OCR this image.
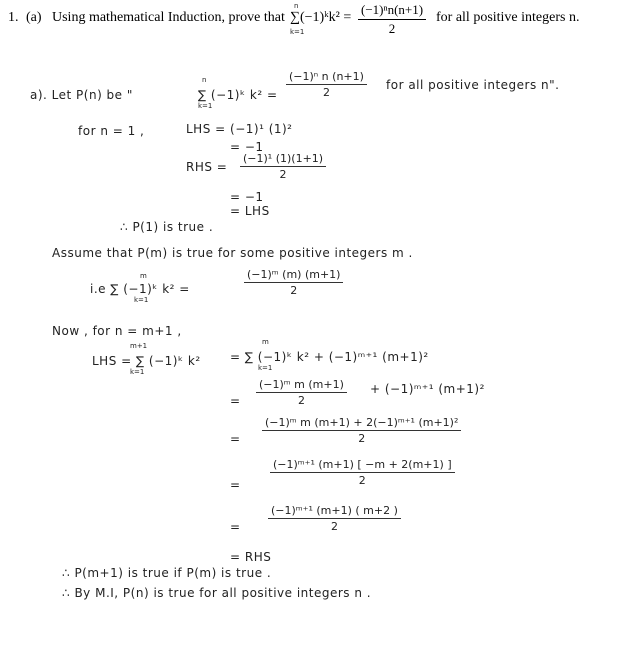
1. (a) Using mathematical Induction, prove that
n
∑(−1)ᵏk² =
k=1	$\frac{\text{(−1)ⁿn(n+1)}}{2}$ for all positive integers n.
a). Let P(n) be "
n
∑ (−1)ᵏ k² =
k=1
$\frac{\text{(−1)ⁿ n (n+1)}}{2}$ for all positive integers n".
for n = 1 ,	LHS = (−1)¹ (1)²
= −1
RHS = $\frac{\text{(−1)¹ (1)(1+1)}}{2}$
= −1
= LHS
∴ P(1) is true .
Assume that P(m) is true for some positive integers m .
m
i.e ∑ (−1)ᵏ k² =
k=1
$\frac{\text{(−1)ᵐ (m) (m+1)}}{2}$
Now , for n = m+1 ,
m+1
LHS = ∑ (−1)ᵏ k²
k=1
m
= ∑ (−1)ᵏ k² + (−1)ᵐ⁺¹ (m+1)²
k=1
= $\frac{\text{(−1)ᵐ m (m+1)}}{2}$ + (−1)ᵐ⁺¹ (m+1)²
= $\frac{\text{(−1)ᵐ m (m+1) + 2(−1)ᵐ⁺¹ (m+1)²}}{2}$
=	$\frac{\text{(−1)ᵐ⁺¹ (m+1) [ −m + 2(m+1) ]}}{2}$
= $\frac{\text{(−1)ᵐ⁺¹ (m+1) ( m+2 )}}{2}$
= RHS
∴ P(m+1) is true if P(m) is true .
∴ By M.I, P(n) is true for all positive integers n .
